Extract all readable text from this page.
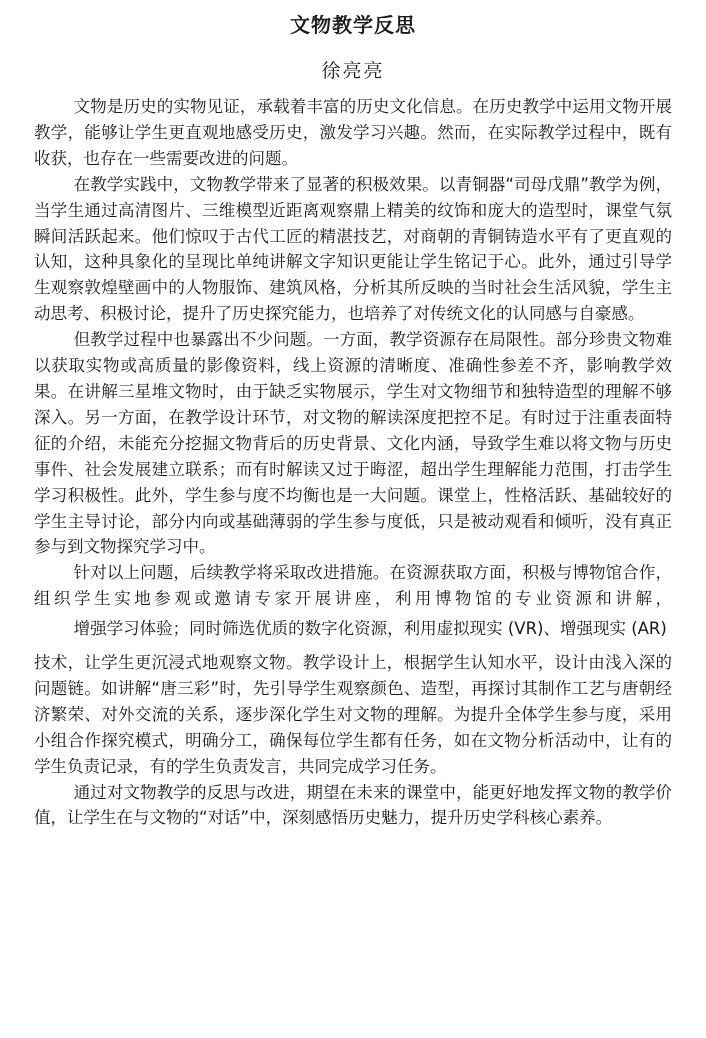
文物教学反思
徐亮亮

文物是历史的实物见证，承载着丰富的历史文化信息。在历史教学中运用文物开展教学，能够让学生更直观地感受历史，激发学习兴趣。然而，在实际教学过程中，既有收获，也存在一些需要改进的问题。

在教学实践中，文物教学带来了显著的积极效果。以青铜器“司母戊鼎”教学为例，当学生通过高清图片、三维模型近距离观察鼎上精美的纹饰和庞大的造型时，课堂气氛瞬间活跃起来。他们惊叹于古代工匠的精湛技艺，对商朝的青铜铸造水平有了更直观的认知，这种具象化的呈现比单纯讲解文字知识更能让学生铭记于心。此外，通过引导学生观察敦煌壁画中的人物服饰、建筑风格，分析其所反映的当时社会生活风貌，学生主动思考、积极讨论，提升了历史探究能力，也培养了对传统文化的认同感与自豪感。

但教学过程中也暴露出不少问题。一方面，教学资源存在局限性。部分珍贵文物难以获取实物或高质量的影像资料，线上资源的清晰度、准确性参差不齐，影响教学效果。在讲解三星堆文物时，由于缺乏实物展示，学生对文物细节和独特造型的理解不够深入。另一方面，在教学设计环节，对文物的解读深度把控不足。有时过于注重表面特征的介绍，未能充分挖掘文物背后的历史背景、文化内涵，导致学生难以将文物与历史事件、社会发展建立联系；而有时解读又过于晦涩，超出学生理解能力范围，打击学生学习积极性。此外，学生参与度不均衡也是一大问题。课堂上，性格活跃、基础较好的学生主导讨论，部分内向或基础薄弱的学生参与度低，只是被动观看和倾听，没有真正参与到文物探究学习中。

针对以上问题，后续教学将采取改进措施。在资源获取方面，积极与博物馆合作，组织学生实地参观或邀请专家开展讲座，利用博物馆的专业资源和讲解，增强学习体验；同时筛选优质的数字化资源，利用虚拟现实 (VR)、增强现实 (AR)技术，让学生更沉浸式地观察文物。教学设计上，根据学生认知水平，设计由浅入深的问题链。如讲解“唐三彩”时，先引导学生观察颜色、造型，再探讨其制作工艺与唐朝经济繁荣、对外交流的关系，逐步深化学生对文物的理解。为提升全体学生参与度，采用小组合作探究模式，明确分工，确保每位学生都有任务，如在文物分析活动中，让有的学生负责记录，有的学生负责发言，共同完成学习任务。

通过对文物教学的反思与改进，期望在未来的课堂中，能更好地发挥文物的教学价值，让学生在与文物的“对话”中，深刻感悟历史魅力，提升历史学科核心素养。
